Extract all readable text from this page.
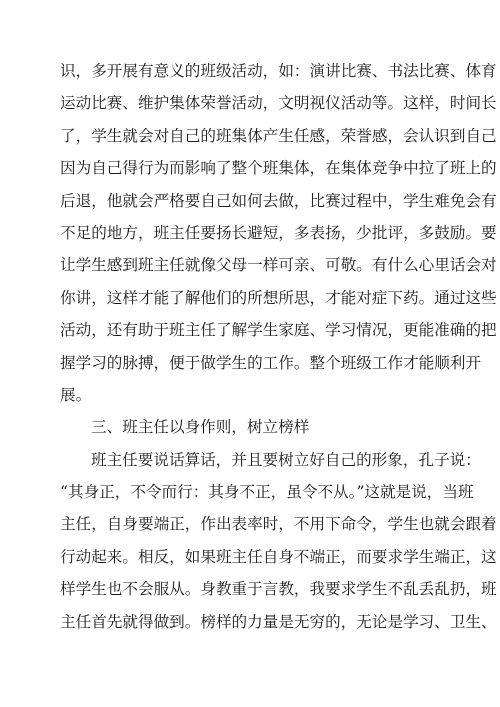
识，多开展有意义的班级活动，如：演讲比赛、书法比赛、体育
运动比赛、维护集体荣誉活动，文明视仪活动等。这样，时间长
了，学生就会对自己的班集体产生任感，荣誉感，会认识到自己
因为自己得行为而影响了整个班集体，在集体竞争中拉了班上的
后退，他就会严格要自己如何去做，比赛过程中，学生难免会有
不足的地方，班主任要扬长避短，多表扬，少批评，多鼓励。要
让学生感到班主任就像父母一样可亲、可敬。有什么心里话会对
你讲，这样才能了解他们的所想所思，才能对症下药。通过这些
活动，还有助于班主任了解学生家庭、学习情况，更能准确的把
握学习的脉搏，便于做学生的工作。整个班级工作才能顺利开
展。
三、班主任以身作则，树立榜样
班主任要说话算话，并且要树立好自己的形象，孔子说：
“其身正，不令而行：其身不正，虽令不从。”这就是说，当班
主任，自身要端正，作出表率时，不用下命令，学生也就会跟着
行动起来。相反，如果班主任自身不端正，而要求学生端正，这
样学生也不会服从。身教重于言教，我要求学生不乱丢乱扔，班
主任首先就得做到。榜样的力量是无穷的，无论是学习、卫生、
